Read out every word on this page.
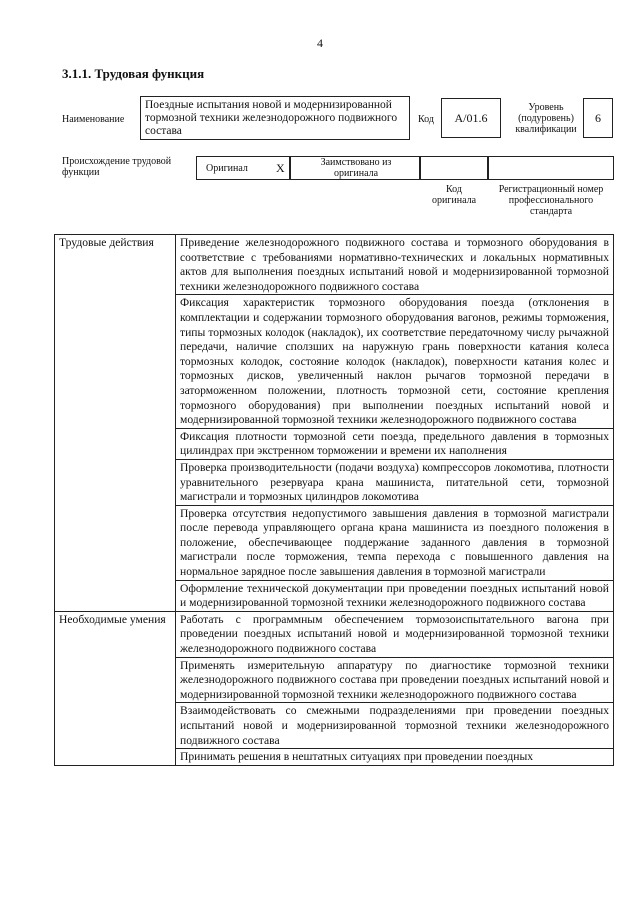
4
3.1.1. Трудовая функция
Наименование
Поездные испытания новой и модернизированной тормозной техники железнодорожного подвижного состава
Код А/01.6
Уровень (подуровень) квалификации
6
Происхождение трудовой функции	Оригинал X	Заимствовано из оригинала
Код оригинала
Регистрационный номер профессионального стандарта
Трудовые действия	Приведение железнодорожного подвижного состава и тормозного оборудования в соответствие с требованиями нормативно-технических и локальных нормативных актов для выполнения поездных испытаний новой и модернизированной тормозной техники железнодорожного подвижного состава
	Фиксация характеристик тормозного оборудования поезда (отклонения в комплектации и содержании тормозного оборудования вагонов, режимы торможения, типы тормозных колодок (накладок), их соответствие передаточному числу рычажной передачи, наличие сползших на наружную грань поверхности катания колеса тормозных колодок, состояние колодок (накладок), поверхности катания колес и тормозных дисков, увеличенный наклон рычагов тормозной передачи в заторможенном положении, плотность тормозной сети, состояние крепления тормозного оборудования) при выполнении поездных испытаний новой и модернизированной тормозной техники железнодорожного подвижного состава
	Фиксация плотности тормозной сети поезда, предельного давления в тормозных цилиндрах при экстренном торможении и времени их наполнения
	Проверка производительности (подачи воздуха) компрессоров локомотива, плотности уравнительного резервуара крана машиниста, питательной сети, тормозной магистрали и тормозных цилиндров локомотива
	Проверка отсутствия недопустимого завышения давления в тормозной магистрали после перевода управляющего органа крана машиниста из поездного положения в положение, обеспечивающее поддержание заданного давления в тормозной магистрали после торможения, темпа перехода с повышенного давления на нормальное зарядное после завышения давления в тормозной магистрали
	Оформление технической документации при проведении поездных испытаний новой и модернизированной тормозной техники железнодорожного подвижного состава
Необходимые умения	Работать с программным обеспечением тормозоиспытательного вагона при проведении поездных испытаний новой и модернизированной тормозной техники железнодорожного подвижного состава
	Применять измерительную аппаратуру по диагностике тормозной техники железнодорожного подвижного состава при проведении поездных испытаний новой и модернизированной тормозной техники железнодорожного подвижного состава
	Взаимодействовать со смежными подразделениями при проведении поездных испытаний новой и модернизированной тормозной техники железнодорожного подвижного состава
	Принимать решения в нештатных ситуациях при проведении поездных
